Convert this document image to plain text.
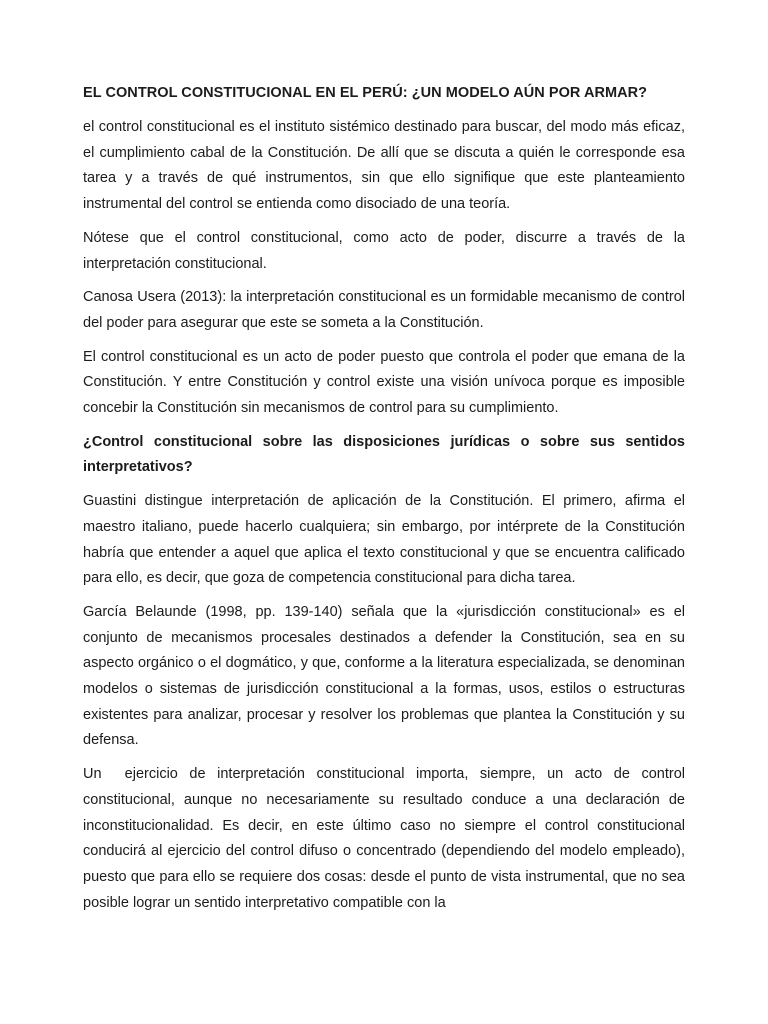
EL CONTROL CONSTITUCIONAL EN EL PERÚ: ¿UN MODELO AÚN POR ARMAR?

el control constitucional es el instituto sistémico destinado para buscar, del modo más eficaz, el cumplimiento cabal de la Constitución. De allí que se discuta a quién le corresponde esa tarea y a través de qué instrumentos, sin que ello signifique que este planteamiento instrumental del control se entienda como disociado de una teoría.

Nótese que el control constitucional, como acto de poder, discurre a través de la interpretación constitucional.

Canosa Usera (2013): la interpretación constitucional es un formidable mecanismo de control del poder para asegurar que este se someta a la Constitución.

El control constitucional es un acto de poder puesto que controla el poder que emana de la Constitución. Y entre Constitución y control existe una visión unívoca porque es imposible concebir la Constitución sin mecanismos de control para su cumplimiento.

¿Control constitucional sobre las disposiciones jurídicas o sobre sus sentidos interpretativos?

Guastini distingue interpretación de aplicación de la Constitución. El primero, afirma el maestro italiano, puede hacerlo cualquiera; sin embargo, por intérprete de la Constitución habría que entender a aquel que aplica el texto constitucional y que se encuentra calificado para ello, es decir, que goza de competencia constitucional para dicha tarea.

García Belaunde (1998, pp. 139-140) señala que la «jurisdicción constitucional» es el conjunto de mecanismos procesales destinados a defender la Constitución, sea en su aspecto orgánico o el dogmático, y que, conforme a la literatura especializada, se denominan modelos o sistemas de jurisdicción constitucional a la formas, usos, estilos o estructuras existentes para analizar, procesar y resolver los problemas que plantea la Constitución y su defensa.

Un  ejercicio de interpretación constitucional importa, siempre, un acto de control constitucional, aunque no necesariamente su resultado conduce a una declaración de inconstitucionalidad. Es decir, en este último caso no siempre el control constitucional conducirá al ejercicio del control difuso o concentrado (dependiendo del modelo empleado), puesto que para ello se requiere dos cosas: desde el punto de vista instrumental, que no sea posible lograr un sentido interpretativo compatible con la
